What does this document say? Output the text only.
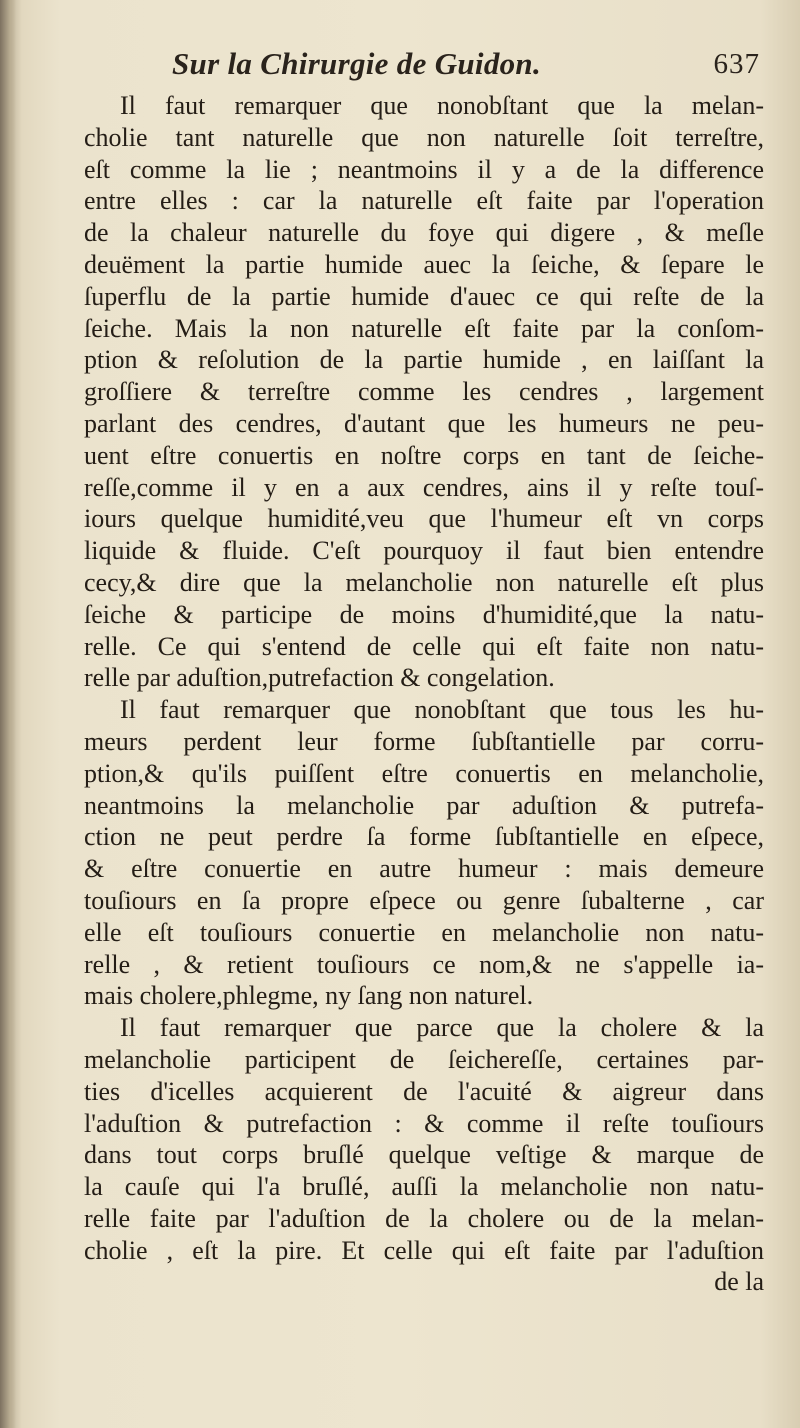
Sur la Chirurgie de Guidon.	637
Il faut remarquer que nonobſtant que la melan-
cholie tant naturelle que non naturelle ſoit terreſtre,
eſt comme la lie ; neantmoins il y a de la difference
entre elles : car la naturelle eſt faite par l'operation
de la chaleur naturelle du foye qui digere , & meſle
deuëment la partie humide auec la ſeiche, & ſepare le
ſuperflu de la partie humide d'auec ce qui reſte de la
ſeiche. Mais la non naturelle eſt faite par la conſom-
ption & reſolution de la partie humide , en laiſſant la
groſſiere & terreſtre comme les cendres , largement
parlant des cendres, d'autant que les humeurs ne peu-
uent eſtre conuertis en noſtre corps en tant de ſeiche-
reſſe,comme il y en a aux cendres, ains il y reſte touſ-
iours quelque humidité,veu que l'humeur eſt vn corps
liquide & fluide. C'eſt pourquoy il faut bien entendre
cecy,& dire que la melancholie non naturelle eſt plus
ſeiche & participe de moins d'humidité,que la natu-
relle. Ce qui s'entend de celle qui eſt faite non natu-
relle par aduſtion,putrefaction & congelation.
Il faut remarquer que nonobſtant que tous les hu-
meurs perdent leur forme ſubſtantielle par corru-
ption,& qu'ils puiſſent eſtre conuertis en melancholie,
neantmoins la melancholie par aduſtion & putrefa-
ction ne peut perdre ſa forme ſubſtantielle en eſpece,
& eſtre conuertie en autre humeur : mais demeure
touſiours en ſa propre eſpece ou genre ſubalterne , car
elle eſt touſiours conuertie en melancholie non natu-
relle , & retient touſiours ce nom,& ne s'appelle ia-
mais cholere,phlegme, ny ſang non naturel.
Il faut remarquer que parce que la cholere & la
melancholie participent de ſeichereſſe, certaines par-
ties d'icelles acquierent de l'acuité & aigreur dans
l'aduſtion & putrefaction : & comme il reſte touſiours
dans tout corps bruſlé quelque veſtige & marque de
la cauſe qui l'a bruſlé, auſſi la melancholie non natu-
relle faite par l'aduſtion de la cholere ou de la melan-
cholie , eſt la pire. Et celle qui eſt faite par l'aduſtion
de la
